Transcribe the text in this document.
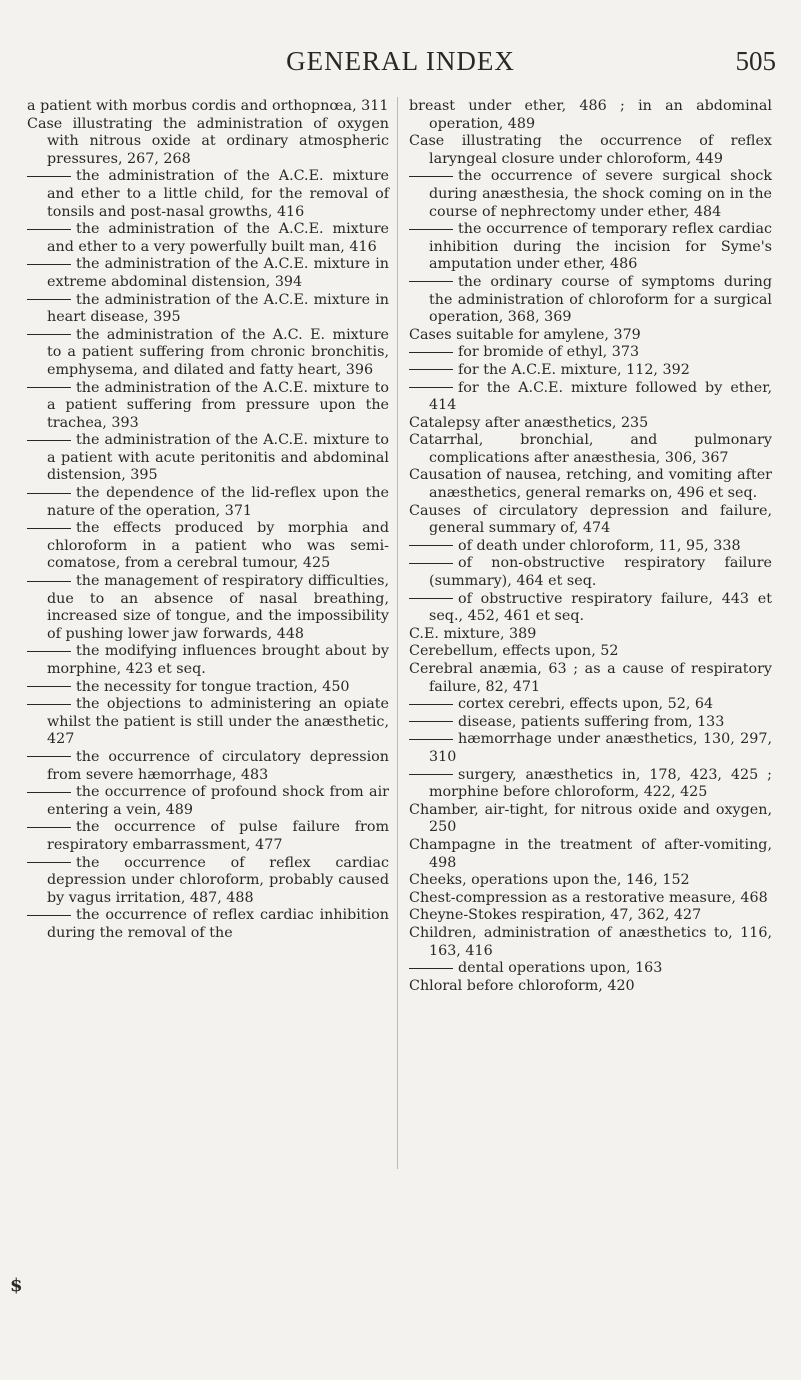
GENERAL INDEX	505

a patient with morbus cordis and orthopnœa, 311

Case illustrating the administration of oxygen with nitrous oxide at ordinary atmospheric pressures, 267, 268

the administration of the A.C.E. mixture and ether to a little child, for the removal of tonsils and post-nasal growths, 416

the administration of the A.C.E. mixture and ether to a very powerfully built man, 416

the administration of the A.C.E. mixture in extreme abdominal distension, 394

the administration of the A.C.E. mixture in heart disease, 395

the administration of the A.C. E. mixture to a patient suffering from chronic bronchitis, emphysema, and dilated and fatty heart, 396

the administration of the A.C.E. mixture to a patient suffering from pressure upon the trachea, 393

the administration of the A.C.E. mixture to a patient with acute peritonitis and abdominal distension, 395

the dependence of the lid-reflex upon the nature of the operation, 371

the effects produced by morphia and chloroform in a patient who was semi-comatose, from a cerebral tumour, 425

the management of respiratory difficulties, due to an absence of nasal breathing, increased size of tongue, and the impossibility of pushing lower jaw forwards, 448

the modifying influences brought about by morphine, 423 et seq.

the necessity for tongue traction, 450

the objections to administering an opiate whilst the patient is still under the anæsthetic, 427

the occurrence of circulatory depression from severe hæmorrhage, 483

the occurrence of profound shock from air entering a vein, 489

the occurrence of pulse failure from respiratory embarrassment, 477

the occurrence of reflex cardiac depression under chloroform, probably caused by vagus irritation, 487, 488

the occurrence of reflex cardiac inhibition during the removal of the

breast under ether, 486 ; in an abdominal operation, 489

Case illustrating the occurrence of reflex laryngeal closure under chloroform, 449

the occurrence of severe surgical shock during anæsthesia, the shock coming on in the course of nephrectomy under ether, 484

the occurrence of temporary reflex cardiac inhibition during the incision for Syme's amputation under ether, 486

the ordinary course of symptoms during the administration of chloroform for a surgical operation, 368, 369

Cases suitable for amylene, 379

for bromide of ethyl, 373

for the A.C.E. mixture, 112, 392

for the A.C.E. mixture followed by ether, 414

Catalepsy after anæsthetics, 235

Catarrhal, bronchial, and pulmonary complications after anæsthesia, 306, 367

Causation of nausea, retching, and vomiting after anæsthetics, general remarks on, 496 et seq.

Causes of circulatory depression and failure, general summary of, 474

of death under chloroform, 11, 95, 338

of non-obstructive respiratory failure (summary), 464 et seq.

of obstructive respiratory failure, 443 et seq., 452, 461 et seq.

C.E. mixture, 389

Cerebellum, effects upon, 52

Cerebral anæmia, 63 ; as a cause of respiratory failure, 82, 471

cortex cerebri, effects upon, 52, 64

disease, patients suffering from, 133

hæmorrhage under anæsthetics, 130, 297, 310

surgery, anæsthetics in, 178, 423, 425 ; morphine before chloroform, 422, 425

Chamber, air-tight, for nitrous oxide and oxygen, 250

Champagne in the treatment of after-vomiting, 498

Cheeks, operations upon the, 146, 152

Chest-compression as a restorative measure, 468

Cheyne-Stokes respiration, 47, 362, 427

Children, administration of anæsthetics to, 116, 163, 416

dental operations upon, 163

Chloral before chloroform, 420

$
